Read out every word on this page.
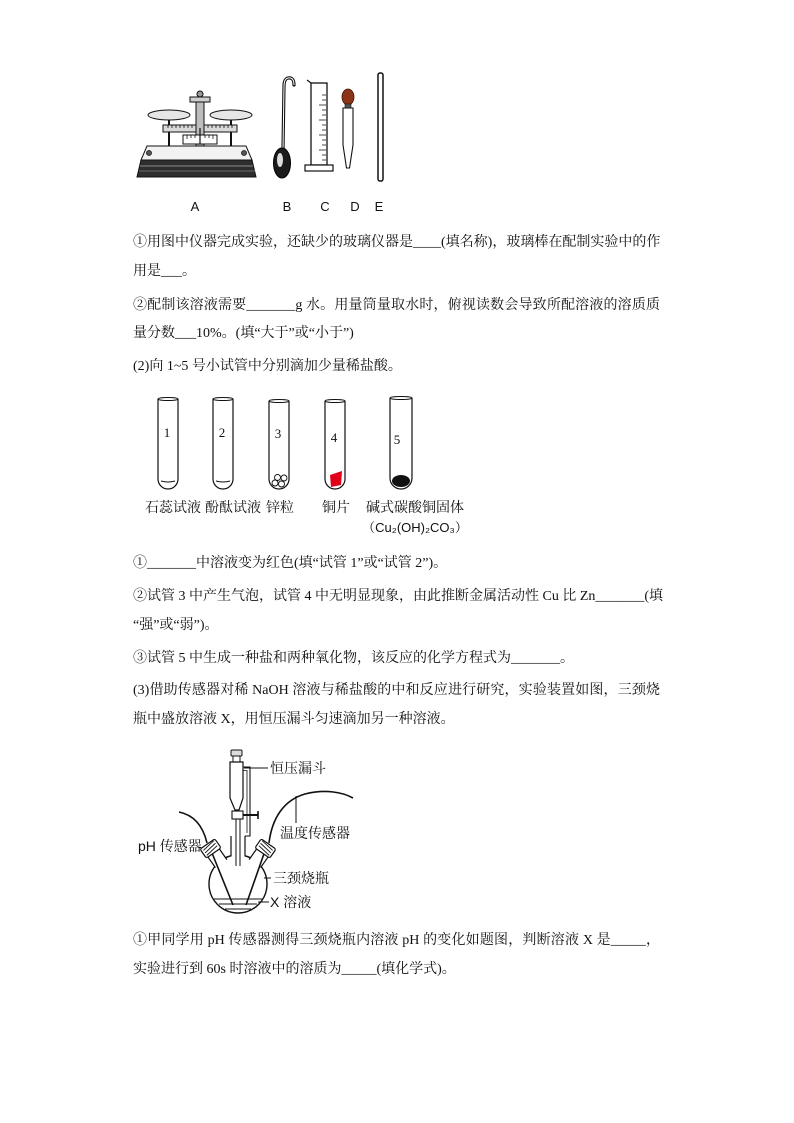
A	B C D E
①用图中仪器完成实验，还缺少的玻璃仪器是____(填名称)，玻璃棒在配制实验中的作
用是___。
②配制该溶液需要_______g 水。用量筒量取水时，俯视读数会导致所配溶液的溶质质
量分数___10%。(填“大于”或“小于”)
(2)向 1~5 号小试管中分别滴加少量稀盐酸。
1	2	3	4	5
石蕊试液 酚酞试液 锌粒 铜片 碱式碳酸铜固体
（Cu₂(OH)₂CO₃）
①_______中溶液变为红色(填“试管 1”或“试管 2”)。
②试管 3 中产生气泡，试管 4 中无明显现象，由此推断金属活动性 Cu 比 Zn_______(填
“强”或“弱”)。
③试管 5 中生成一种盐和两种氧化物，该反应的化学方程式为_______。
(3)借助传感器对稀 NaOH 溶液与稀盐酸的中和反应进行研究，实验装置如图，三颈烧
瓶中盛放溶液 X，用恒压漏斗匀速滴加另一种溶液。
恒压漏斗
温度传感器
pH 传感器
三颈烧瓶
X 溶液
①甲同学用 pH 传感器测得三颈烧瓶内溶液 pH 的变化如题图，判断溶液 X 是_____，
实验进行到 60s 时溶液中的溶质为_____(填化学式)。
